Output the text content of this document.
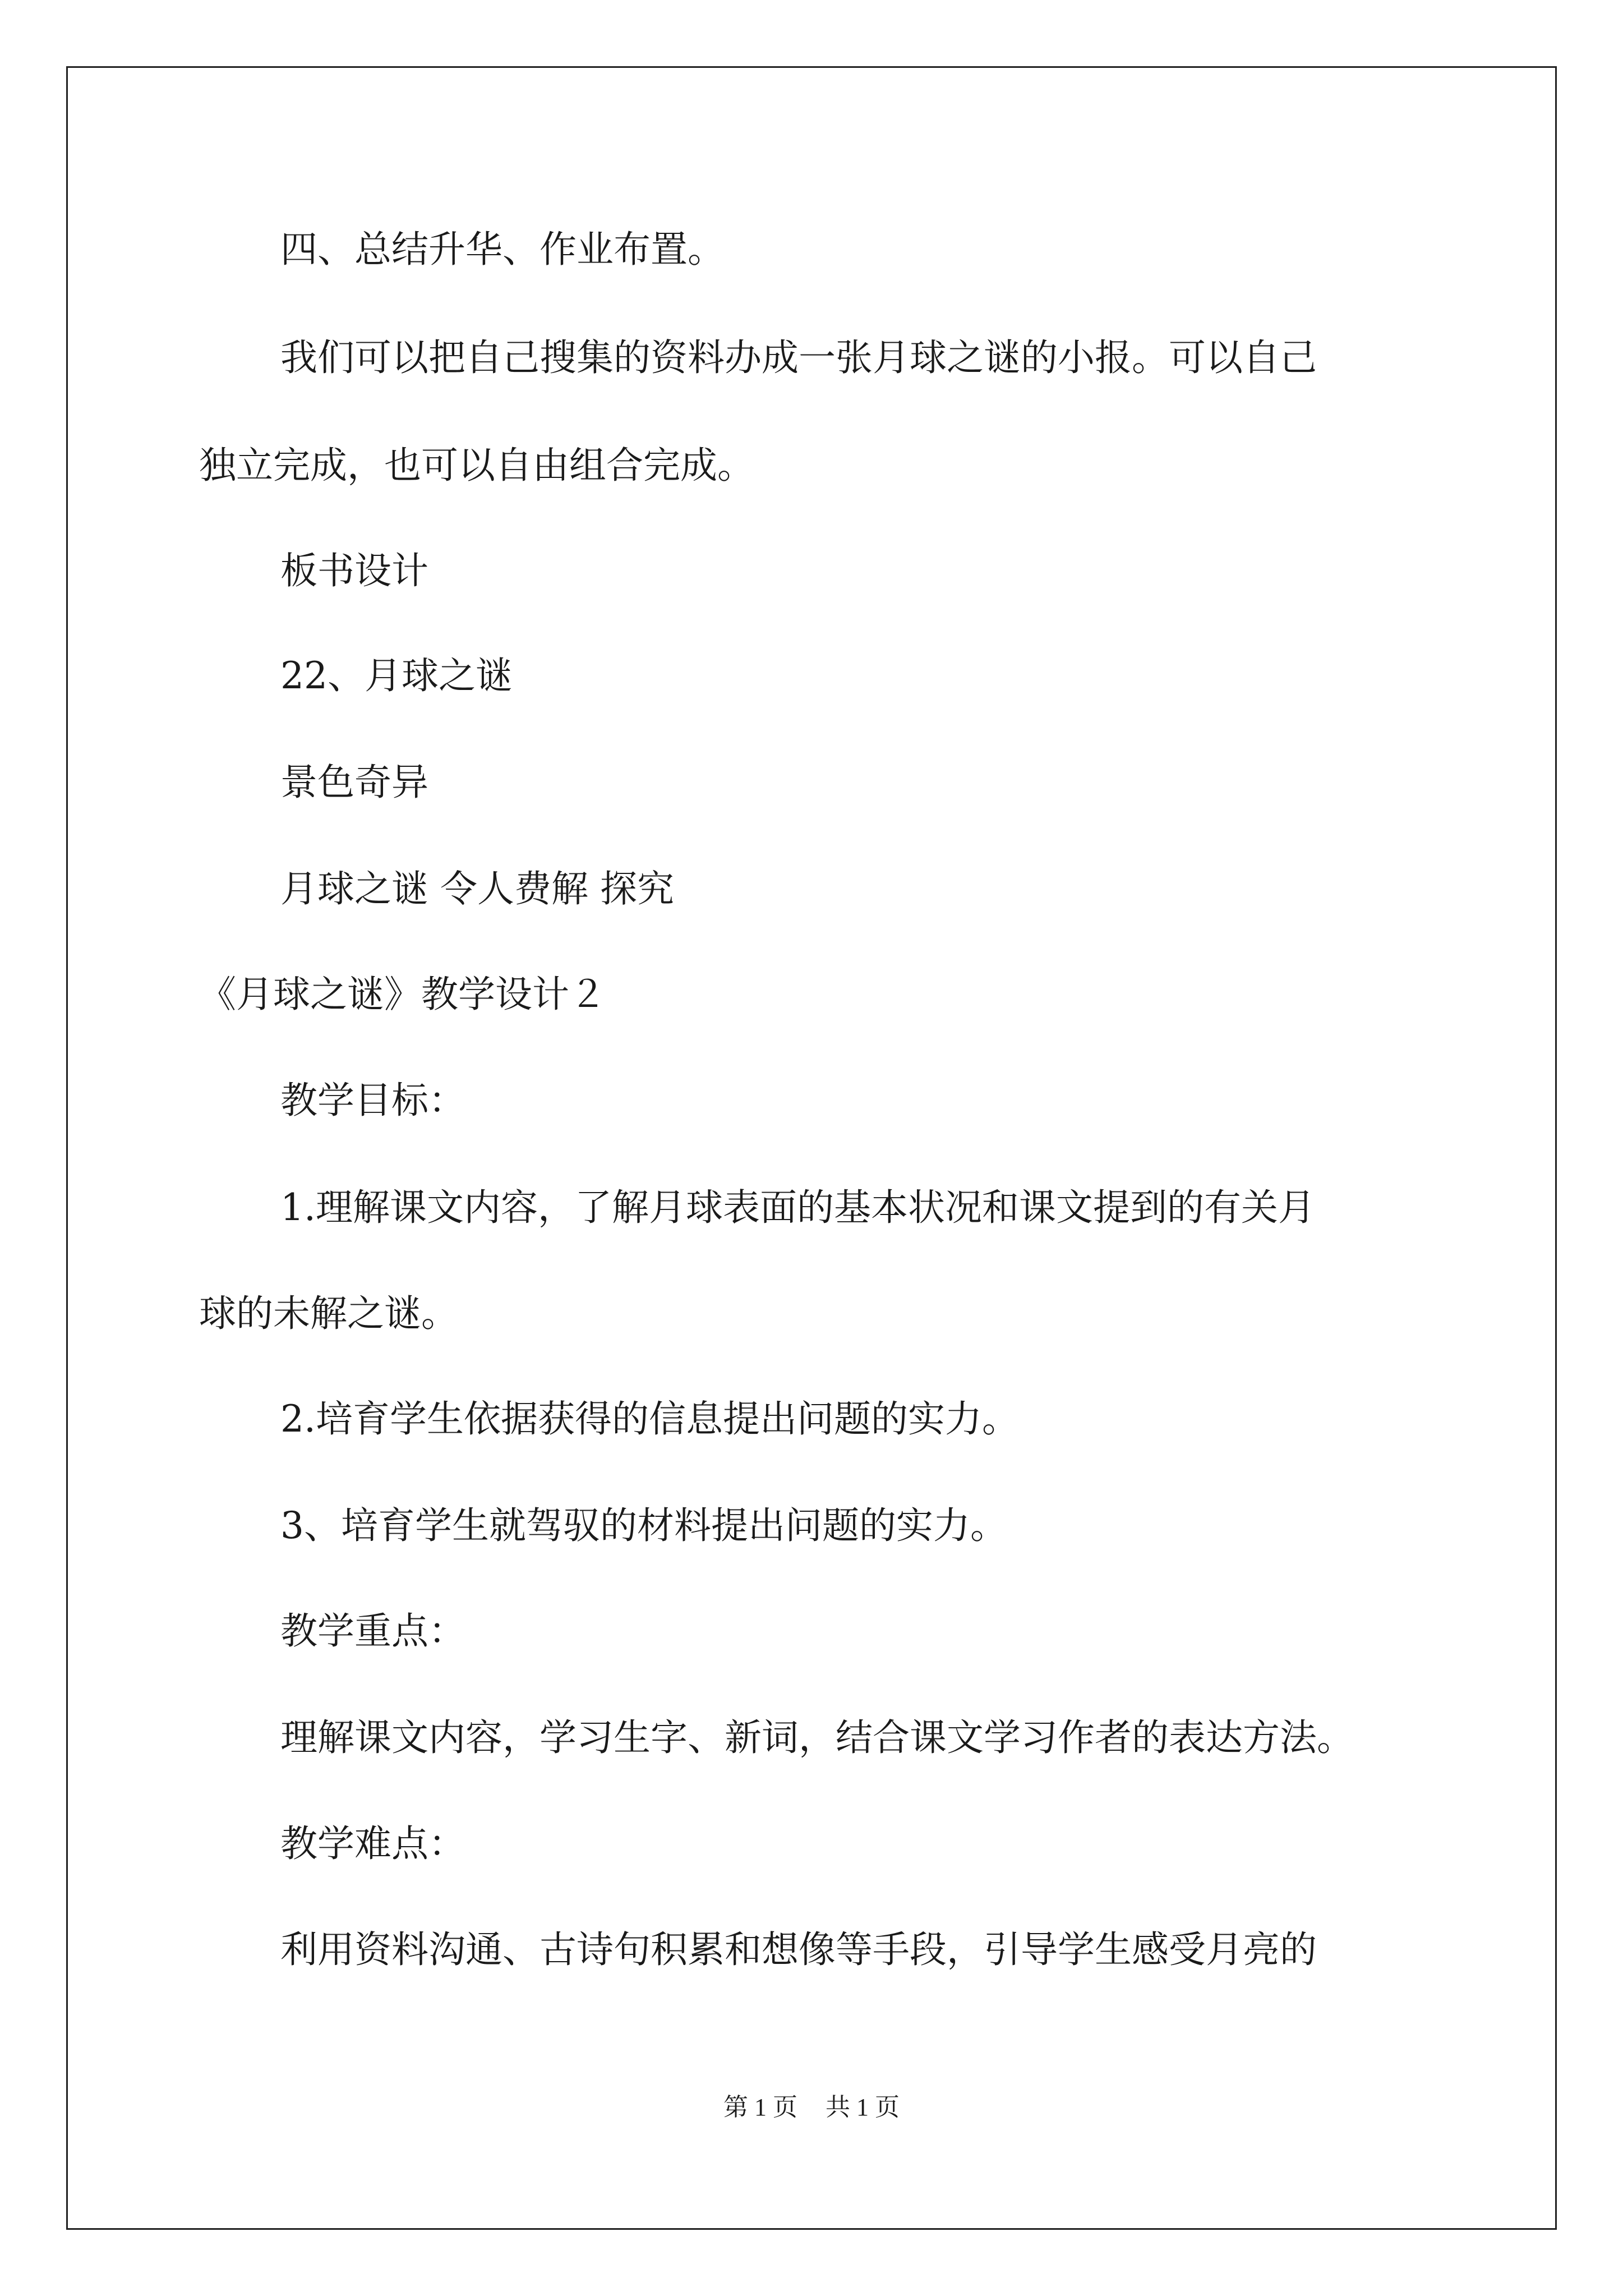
四、总结升华、作业布置。
我们可以把自己搜集的资料办成一张月球之谜的小报。可以自己
独立完成，也可以自由组合完成。
板书设计
22、月球之谜
景色奇异
月球之谜 令人费解 探究
《月球之谜》教学设计２
教学目标：
1.理解课文内容，了解月球表面的基本状况和课文提到的有关月
球的未解之谜。
2.培育学生依据获得的信息提出问题的实力。
3、培育学生就驾驭的材料提出问题的实力。
教学重点：
理解课文内容，学习生字、新词，结合课文学习作者的表达方法。
教学难点：
利用资料沟通、古诗句积累和想像等手段，引导学生感受月亮的
第 1 页 共 1 页
